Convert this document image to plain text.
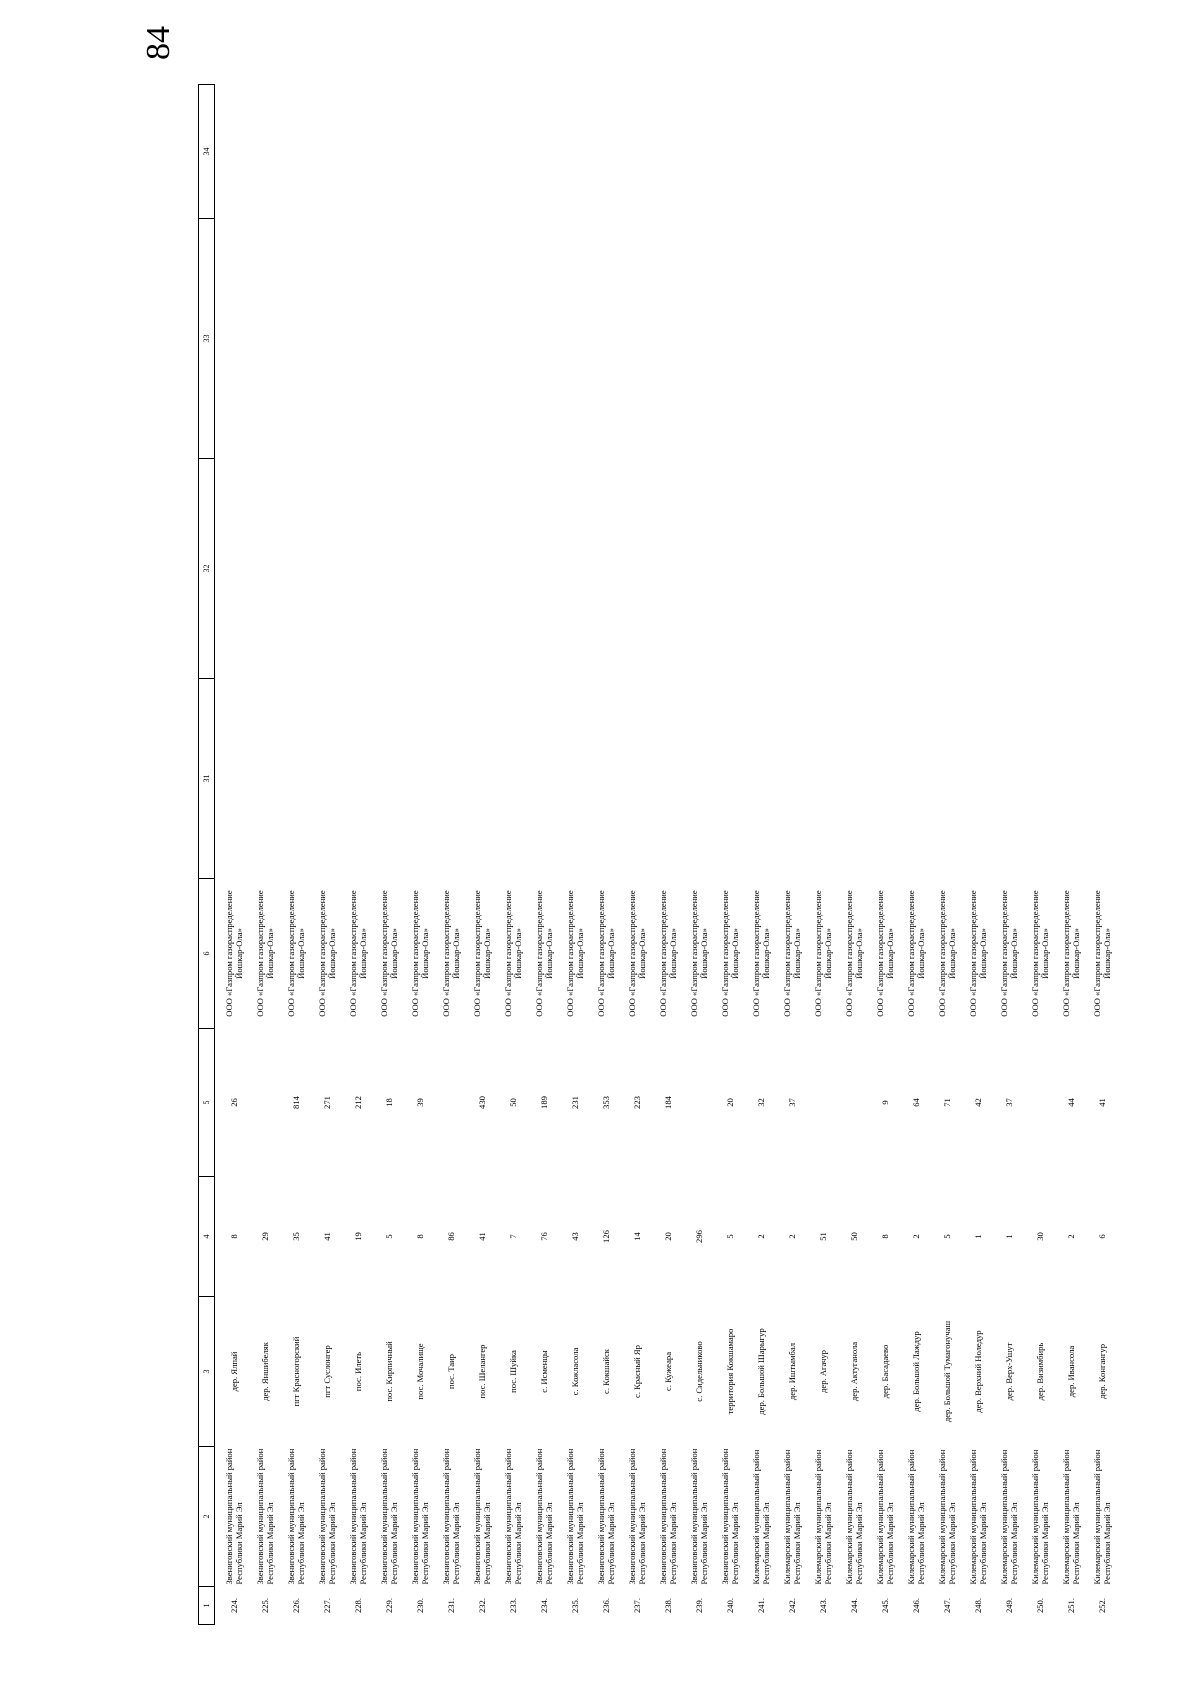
84
1	2	3	4	5	6	31	32	33	34
224.	Звениговский муниципальный район Республики Марий Эл	дер. Ялпай	8	26	ООО «Газпром газораспределение Йошкар-Ола»				
225.	Звениговский муниципальный район Республики Марий Эл	дер. Яншибеляк	29		ООО «Газпром газораспределение Йошкар-Ола»				
226.	Звениговский муниципальный район Республики Марий Эл	пгт Красногорский	35	814	ООО «Газпром газораспределение Йошкар-Ола»				
227.	Звениговский муниципальный район Республики Марий Эл	пгт Суслонгер	41	271	ООО «Газпром газораспределение Йошкар-Ола»				
228.	Звениговский муниципальный район Республики Марий Эл	пос. Илеть	19	212	ООО «Газпром газораспределение Йошкар-Ола»				
229.	Звениговский муниципальный район Республики Марий Эл	пос. Кирпичный	5	18	ООО «Газпром газораспределение Йошкар-Ола»				
230.	Звениговский муниципальный район Республики Марий Эл	пос. Мочалище	8	39	ООО «Газпром газораспределение Йошкар-Ола»				
231.	Звениговский муниципальный район Республики Марий Эл	пос. Таир	86		ООО «Газпром газораспределение Йошкар-Ола»				
232.	Звениговский муниципальный район Республики Марий Эл	пос. Шелангер	41	430	ООО «Газпром газораспределение Йошкар-Ола»				
233.	Звениговский муниципальный район Республики Марий Эл	пос. Шуйка	7	50	ООО «Газпром газораспределение Йошкар-Ола»				
234.	Звениговский муниципальный район Республики Марий Эл	с. Исменцы	76	189	ООО «Газпром газораспределение Йошкар-Ола»				
235.	Звениговский муниципальный район Республики Марий Эл	с. Кожласола	43	231	ООО «Газпром газораспределение Йошкар-Ола»				
236.	Звениговский муниципальный район Республики Марий Эл	с. Кокшайск	126	353	ООО «Газпром газораспределение Йошкар-Ола»				
237.	Звениговский муниципальный район Республики Марий Эл	с. Красный Яр	14	223	ООО «Газпром газораспределение Йошкар-Ола»				
238.	Звениговский муниципальный район Республики Марий Эл	с. Кужеара	20	184	ООО «Газпром газораспределение Йошкар-Ола»				
239.	Звениговский муниципальный район Республики Марий Эл	с. Сидельниково	296		ООО «Газпром газораспределение Йошкар-Ола»				
240.	Звениговский муниципальный район Республики Марий Эл	территория Кокшамаро	5	20	ООО «Газпром газораспределение Йошкар-Ола»				
241.	Килемарский муниципальный район Республики Марий Эл	дер. Большой Шарыгур	2	32	ООО «Газпром газораспределение Йошкар-Ола»				
242.	Килемарский муниципальный район Республики Марий Эл	дер. Иштымбал	2	37	ООО «Газпром газораспределение Йошкар-Ола»				
243.	Килемарский муниципальный район Республики Марий Эл	дер. Агачур	51		ООО «Газпром газораспределение Йошкар-Ола»				
244.	Килемарский муниципальный район Республики Марий Эл	дер. Актуганола	50		ООО «Газпром газораспределение Йошкар-Ола»				
245.	Килемарский муниципальный район Республики Марий Эл	дер. Басадаево	8	9	ООО «Газпром газораспределение Йошкар-Ола»				
246.	Килемарский муниципальный район Республики Марий Эл	дер. Большой Лаждур	2	64	ООО «Газпром газораспределение Йошкар-Ола»				
247.	Килемарский муниципальный район Республики Марий Эл	дер. Большой Тумагонучаш	5	71	ООО «Газпром газораспределение Йошкар-Ола»				
248.	Килемарский муниципальный район Республики Марий Эл	дер. Верхний Ноледур	1	42	ООО «Газпром газораспределение Йошкар-Ола»				
249.	Килемарский муниципальный район Республики Марий Эл	дер. Верх-Ушут	1	37	ООО «Газпром газораспределение Йошкар-Ола»				
250.	Килемарский муниципальный район Республики Марий Эл	дер. Визимбирь	30		ООО «Газпром газораспределение Йошкар-Ола»				
251.	Килемарский муниципальный район Республики Марий Эл	дер. Ивансола	2	44	ООО «Газпром газораспределение Йошкар-Ола»				
252.	Килемарский муниципальный район Республики Марий Эл	дер. Конгангур	6	41	ООО «Газпром газораспределение Йошкар-Ола»				
